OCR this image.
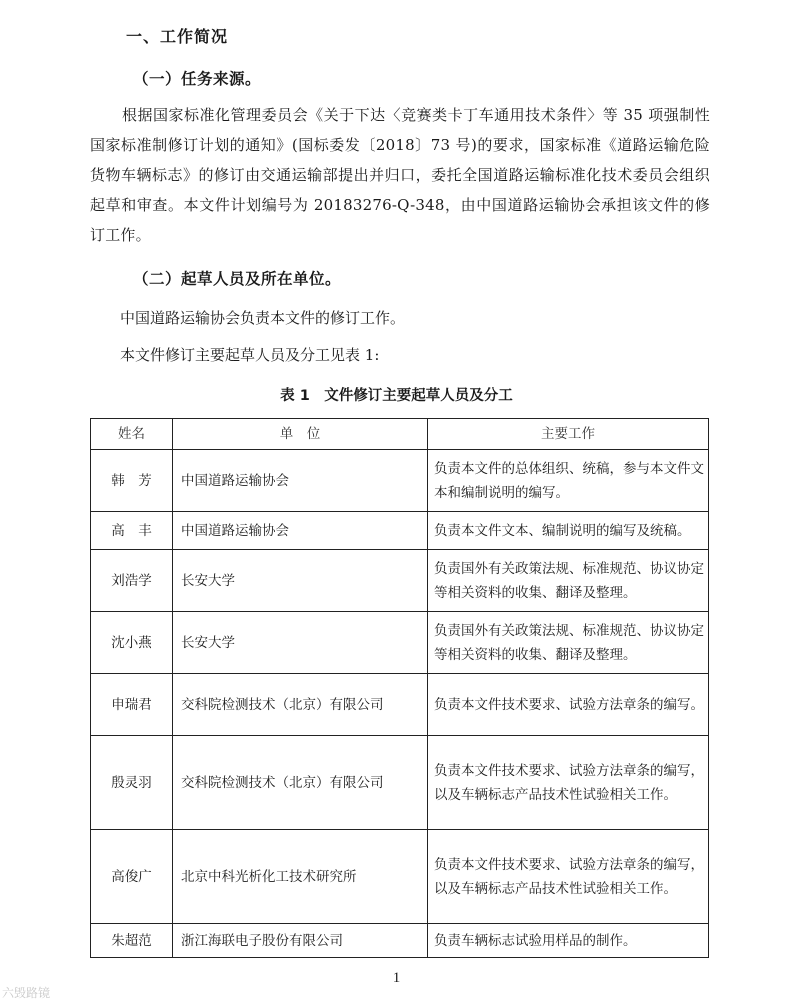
一、工作简况
（一）任务来源。

根据国家标准化管理委员会《关于下达〈竞赛类卡丁车通用技术条件〉等 35 项强制性国家标准制修订计划的通知》(国标委发〔2018〕73 号)的要求，国家标准《道路运输危险货物车辆标志》的修订由交通运输部提出并归口，委托全国道路运输标准化技术委员会组织起草和审查。本文件计划编号为 20183276-Q-348，由中国道路运输协会承担该文件的修订工作。

（二）起草人员及所在单位。

中国道路运输协会负责本文件的修订工作。

本文件修订主要起草人员及分工见表 1:

表 1　文件修订主要起草人员及分工
姓名	单　位	主要工作
韩　芳	中国道路运输协会	负责本文件的总体组织、统稿，参与本文件文本和编制说明的编写。
高　丰	中国道路运输协会	负责本文件文本、编制说明的编写及统稿。
刘浩学	长安大学	负责国外有关政策法规、标准规范、协议协定等相关资料的收集、翻译及整理。
沈小燕	长安大学	负责国外有关政策法规、标准规范、协议协定等相关资料的收集、翻译及整理。
申瑞君	交科院检测技术（北京）有限公司	负责本文件技术要求、试验方法章条的编写。
殷灵羽	交科院检测技术（北京）有限公司	负责本文件技术要求、试验方法章条的编写，以及车辆标志产品技术性试验相关工作。
高俊广	北京中科光析化工技术研究所	负责本文件技术要求、试验方法章条的编写，以及车辆标志产品技术性试验相关工作。
朱超范	浙江海联电子股份有限公司	负责车辆标志试验用样品的制作。
1
六毁路镜
